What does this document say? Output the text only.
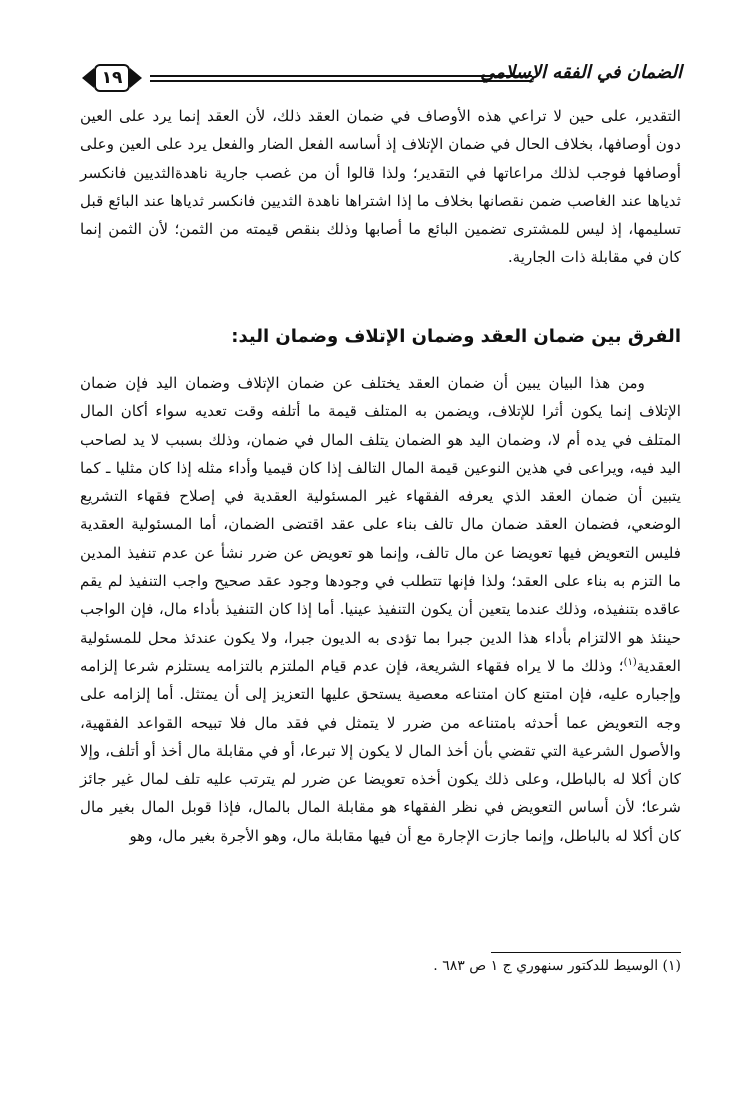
١٩	الضمان في الفقه الإسلامي
التقدير، على حين لا تراعي هذه الأوصاف في ضمان العقد ذلك، لأن العقد إنما يرد على العين دون أوصافها، بخلاف الحال في ضمان الإتلاف إذ أساسه الفعل الضار والفعل يرد على العين وعلى أوصافها فوجب لذلك مراعاتها في التقدير؛ ولذا قالوا أن من غصب جارية ناهدةالثديين فانكسر ثدياها عند الغاصب ضمن نقصانها بخلاف ما إذا اشتراها ناهدة الثديين فانكسر ثدياها عند البائع قبل تسليمها، إذ ليس للمشترى تضمين البائع ما أصابها وذلك بنقص قيمته من الثمن؛ لأن الثمن إنما كان في مقابلة ذات الجارية.
الفرق بين ضمان العقد وضمان الإتلاف وضمان اليد:
ومن هذا البيان يبين أن ضمان العقد يختلف عن ضمان الإتلاف وضمان اليد فإن ضمان الإتلاف إنما يكون أثرا للإتلاف، ويضمن به المتلف قيمة ما أتلفه وقت تعديه سواء أكان المال المتلف في يده أم لا، وضمان اليد هو الضمان يتلف المال في ضمان، وذلك بسبب لا يد لصاحب اليد فيه، ويراعى في هذين النوعين قيمة المال التالف إذا كان قيميا وأداء مثله إذا كان مثليا ـ كما يتبين أن ضمان العقد الذي يعرفه الفقهاء غير المسئولية العقدية في إصلاح فقهاء التشريع الوضعي، فضمان العقد ضمان مال تالف بناء على عقد اقتضى الضمان، أما المسئولية العقدية فليس التعويض فيها تعويضا عن مال تالف، وإنما هو تعويض عن ضرر نشأ عن عدم تنفيذ المدين ما التزم به بناء على العقد؛ ولذا فإنها تتطلب في وجودها وجود عقد صحيح واجب التنفيذ لم يقم عاقده بتنفيذه، وذلك عندما يتعين أن يكون التنفيذ عينيا. أما إذا كان التنفيذ بأداء مال، فإن الواجب حينئذ هو الالتزام بأداء هذا الدين جبرا بما تؤدى به الديون جبرا، ولا يكون عندئذ محل للمسئولية العقدية$^{(١)}$؛ وذلك ما لا يراه فقهاء الشريعة، فإن عدم قيام الملتزم بالتزامه يستلزم شرعا إلزامه وإجباره عليه، فإن امتنع كان امتناعه معصية يستحق عليها التعزيز إلى أن يمتثل. أما إلزامه على وجه التعويض عما أحدثه بامتناعه من ضرر لا يتمثل في فقد مال فلا تبيحه القواعد الفقهية، والأصول الشرعية التي تقضي بأن أخذ المال لا يكون إلا تبرعا، أو في مقابلة مال أخذ أو أتلف، وإلا كان أكلا له بالباطل، وعلى ذلك يكون أخذه تعويضا عن ضرر لم يترتب عليه تلف لمال غير جائز شرعا؛ لأن أساس التعويض في نظر الفقهاء هو مقابلة المال بالمال، فإذا قوبل المال بغير مال كان أكلا له بالباطل، وإنما جازت الإجارة مع أن فيها مقابلة مال، وهو الأجرة بغير مال، وهو
(١) الوسيط للدكتور سنهوري ج ١ ص ٦٨٣ .
